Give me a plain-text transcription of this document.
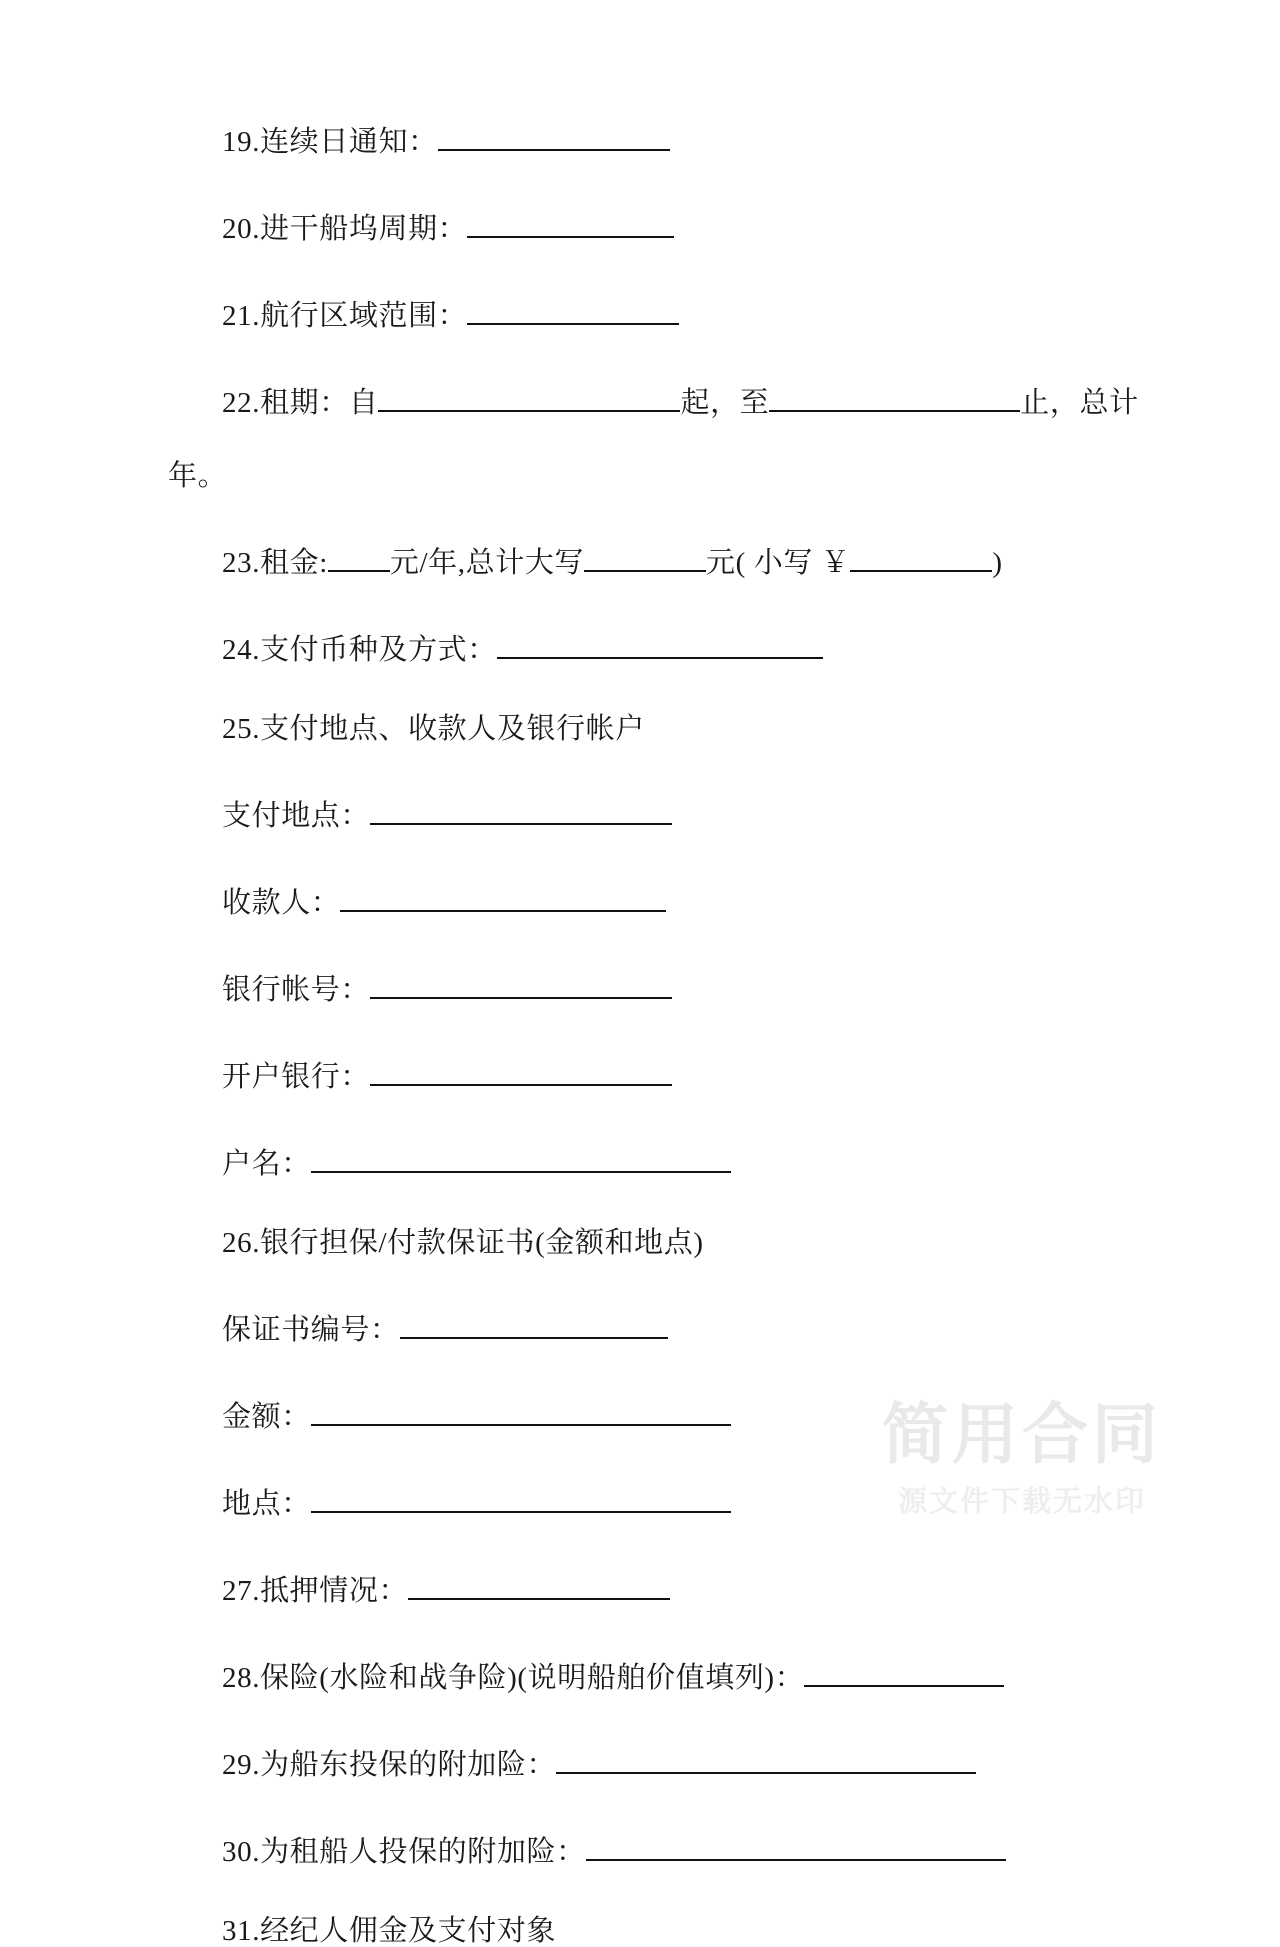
19. 连续日通知：
20. 进干船坞周期：
21. 航行区域范围：
22. 租期： 自	起，至	止，总计
年。
23. 租金: 元/年,总计大写	元( 小写 ￥	)
24. 支付币种及方式：
25. 支付地点、收款人及银行帐户
支付地点：
收款人：
银行帐号：
开户银行：
户名：
26. 银行担保/付款保证书(金额和地点)
保证书编号：
金额：
地点：
27. 抵押情况：
28. 保险(水险和战争险)(说明船舶价值填列)：
29. 为船东投保的附加险：
30. 为租船人投保的附加险：
31. 经纪人佣金及支付对象
简用合同
源文件下载无水印
